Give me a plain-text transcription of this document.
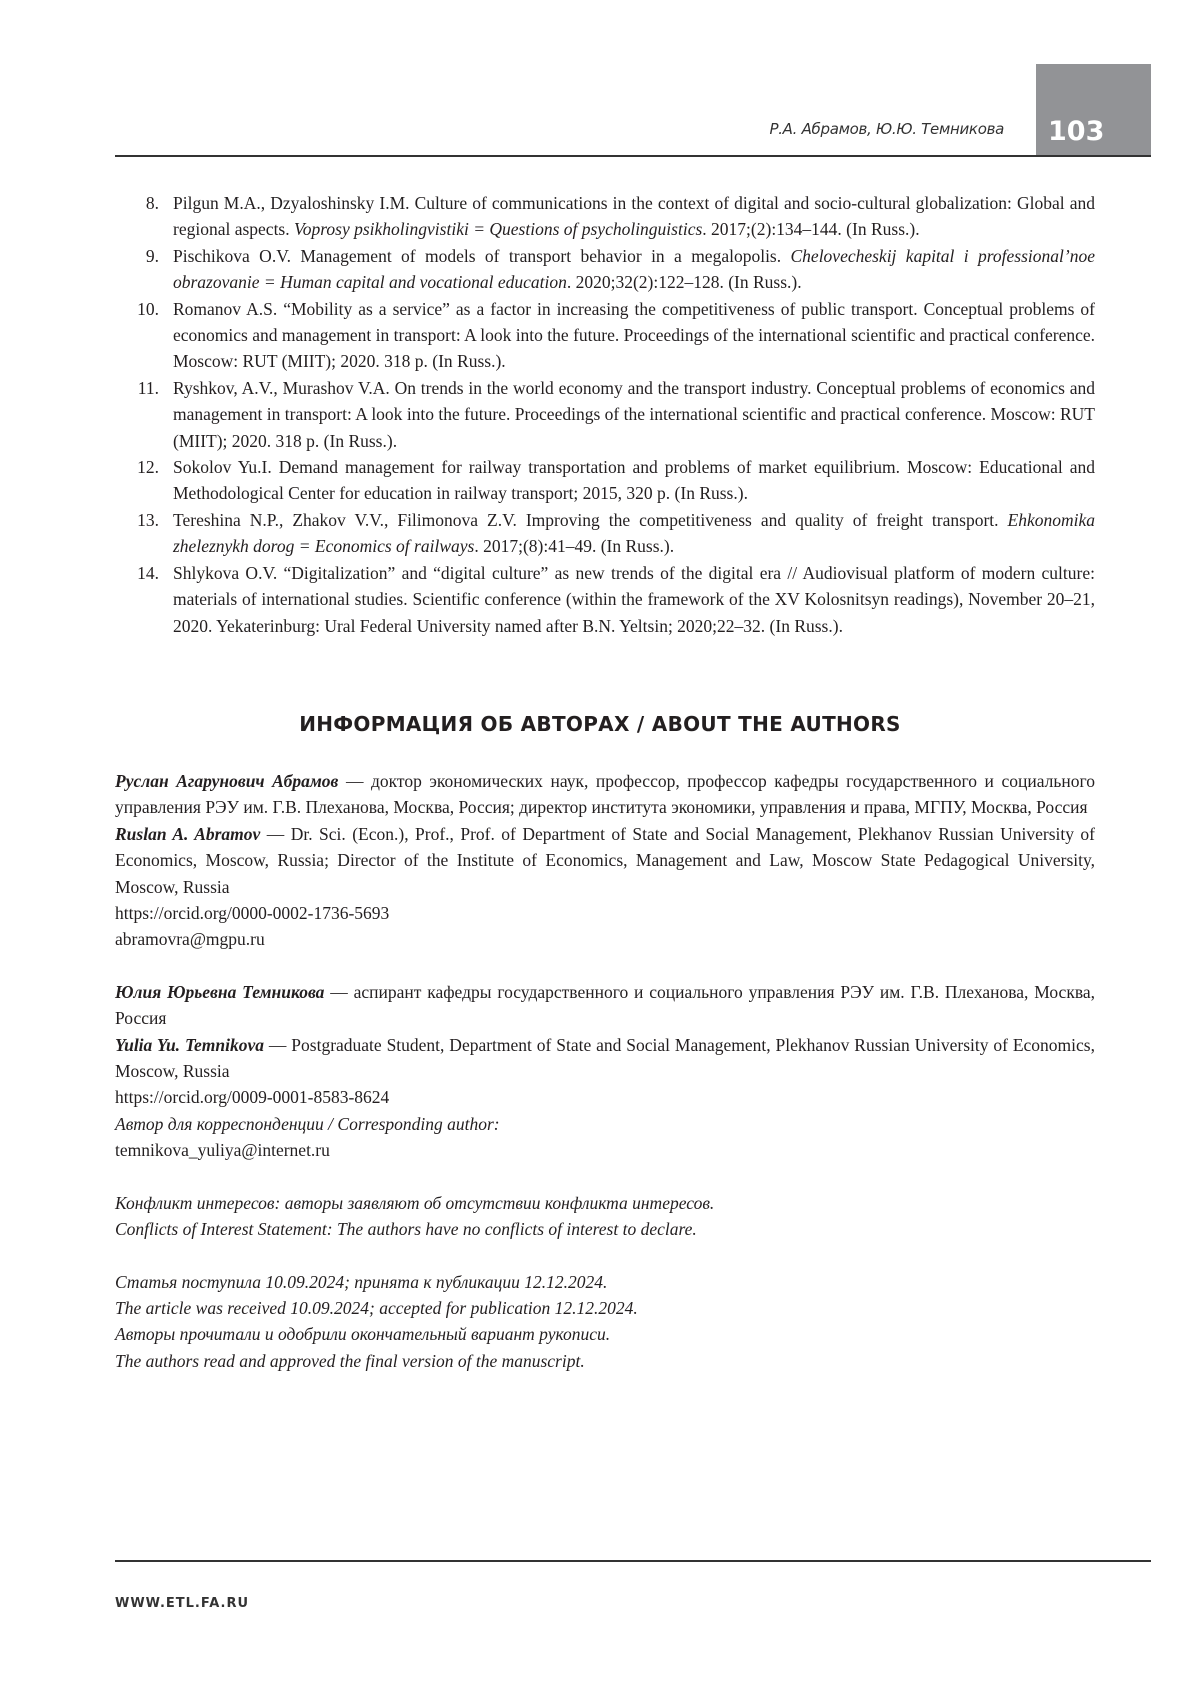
103
Р.А. Абрамов, Ю.Ю. Темникова
8. Pilgun M.A., Dzyaloshinsky I.M. Culture of communications in the context of digital and socio-cultural globalization: Global and regional aspects. Voprosy psikholingvistiki = Questions of psycholinguistics. 2017;(2):134–144. (In Russ.).
9. Pischikova O.V. Management of models of transport behavior in a megalopolis. Chelovecheskij kapital i professional’noe obrazovanie = Human capital and vocational education. 2020;32(2):122–128. (In Russ.).
10. Romanov A.S. “Mobility as a service” as a factor in increasing the competitiveness of public transport. Conceptual problems of economics and management in transport: A look into the future. Proceedings of the international scientific and practical conference. Moscow: RUT (MIIT); 2020. 318 p. (In Russ.).
11. Ryshkov, A.V., Murashov V.A. On trends in the world economy and the transport industry. Conceptual problems of economics and management in transport: A look into the future. Proceedings of the international scientific and practical conference. Moscow: RUT (MIIT); 2020. 318 p. (In Russ.).
12. Sokolov Yu.I. Demand management for railway transportation and problems of market equilibrium. Moscow: Educational and Methodological Center for education in railway transport; 2015, 320 p. (In Russ.).
13. Tereshina N.P., Zhakov V.V., Filimonova Z.V. Improving the competitiveness and quality of freight transport. Ehkonomika zheleznykh dorog = Economics of railways. 2017;(8):41–49. (In Russ.).
14. Shlykova O.V. “Digitalization” and “digital culture” as new trends of the digital era // Audiovisual platform of modern culture: materials of international studies. Scientific conference (within the framework of the XV Kolosnitsyn readings), November 20–21, 2020. Yekaterinburg: Ural Federal University named after B.N. Yeltsin; 2020;22–32. (In Russ.).
ИНФОРМАЦИЯ ОБ АВТОРАХ / ABOUT THE AUTHORS

Руслан Агарунович Абрамов — доктор экономических наук, профессор, профессор кафедры государственного и социального управления РЭУ им. Г.В. Плеханова, Москва, Россия; директор института экономики, управления и права, МГПУ, Москва, Россия

Ruslan A. Abramov — Dr. Sci. (Econ.), Prof., Prof. of Department of State and Social Management, Plekhanov Russian University of Economics, Moscow, Russia; Director of the Institute of Economics, Management and Law, Moscow State Pedagogical University, Moscow, Russia

https://orcid.org/0000-0002-1736-5693

abramovra@mgpu.ru

Юлия Юрьевна Темникова — аспирант кафедры государственного и социального управления РЭУ им. Г.В. Плеханова, Москва, Россия

Yulia Yu. Temnikova — Postgraduate Student, Department of State and Social Management, Plekhanov Russian University of Economics, Moscow, Russia

https://orcid.org/0009-0001-8583-8624

Автор для корреспонденции / Corresponding author:

temnikova_yuliya@internet.ru

Конфликт интересов: авторы заявляют об отсутствии конфликта интересов.

Conflicts of Interest Statement: The authors have no conflicts of interest to declare.

Статья поступила 10.09.2024; принята к публикации 12.12.2024.

The article was received 10.09.2024; accepted for publication 12.12.2024.

Авторы прочитали и одобрили окончательный вариант рукописи.

The authors read and approved the final version of the manuscript.

WWW.ETL.FA.RU
